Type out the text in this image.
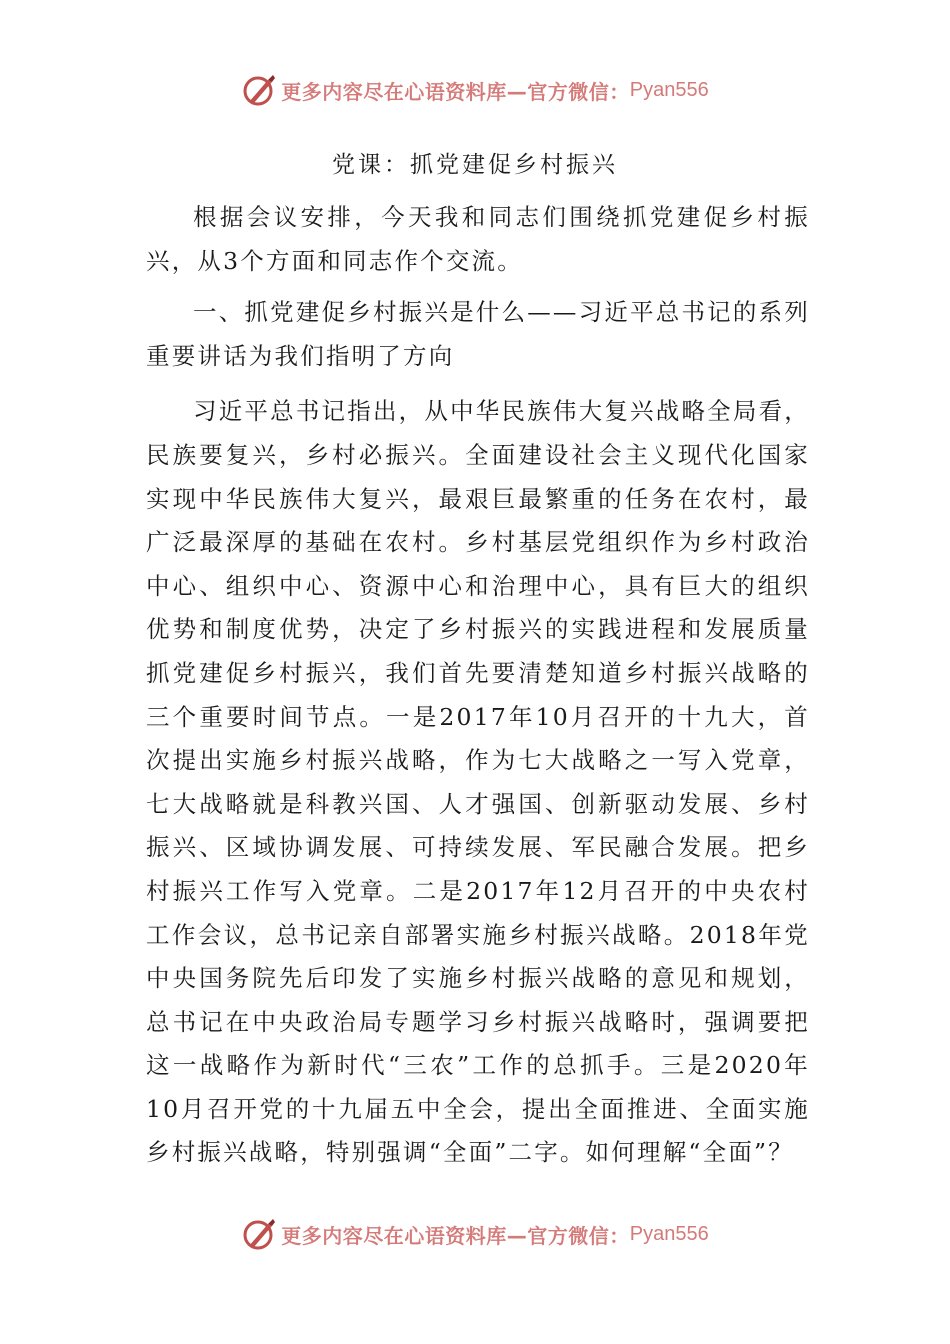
更多内容尽在心语资料库—官方微信： Pyan556
党课：抓党建促乡村振兴

根据会议安排，今天我和同志们围绕抓党建促乡村振兴，从3个方面和同志作个交流。

一、抓党建促乡村振兴是什么——习近平总书记的系列重要讲话为我们指明了方向

习近平总书记指出，从中华民族伟大复兴战略全局看，民族要复兴，乡村必振兴。全面建设社会主义现代化国家实现中华民族伟大复兴，最艰巨最繁重的任务在农村，最广泛最深厚的基础在农村。乡村基层党组织作为乡村政治中心、组织中心、资源中心和治理中心，具有巨大的组织优势和制度优势，决定了乡村振兴的实践进程和发展质量抓党建促乡村振兴，我们首先要清楚知道乡村振兴战略的三个重要时间节点。一是2017年10月召开的十九大，首次提出实施乡村振兴战略，作为七大战略之一写入党章，七大战略就是科教兴国、人才强国、创新驱动发展、乡村振兴、区域协调发展、可持续发展、军民融合发展。把乡村振兴工作写入党章。二是2017年12月召开的中央农村工作会议，总书记亲自部署实施乡村振兴战略。2018年党中央国务院先后印发了实施乡村振兴战略的意见和规划，总书记在中央政治局专题学习乡村振兴战略时，强调要把这一战略作为新时代“三农”工作的总抓手。三是2020年10月召开党的十九届五中全会，提出全面推进、全面实施乡村振兴战略，特别强调“全面”二字。如何理解“全面”？

更多内容尽在心语资料库—官方微信： Pyan556
